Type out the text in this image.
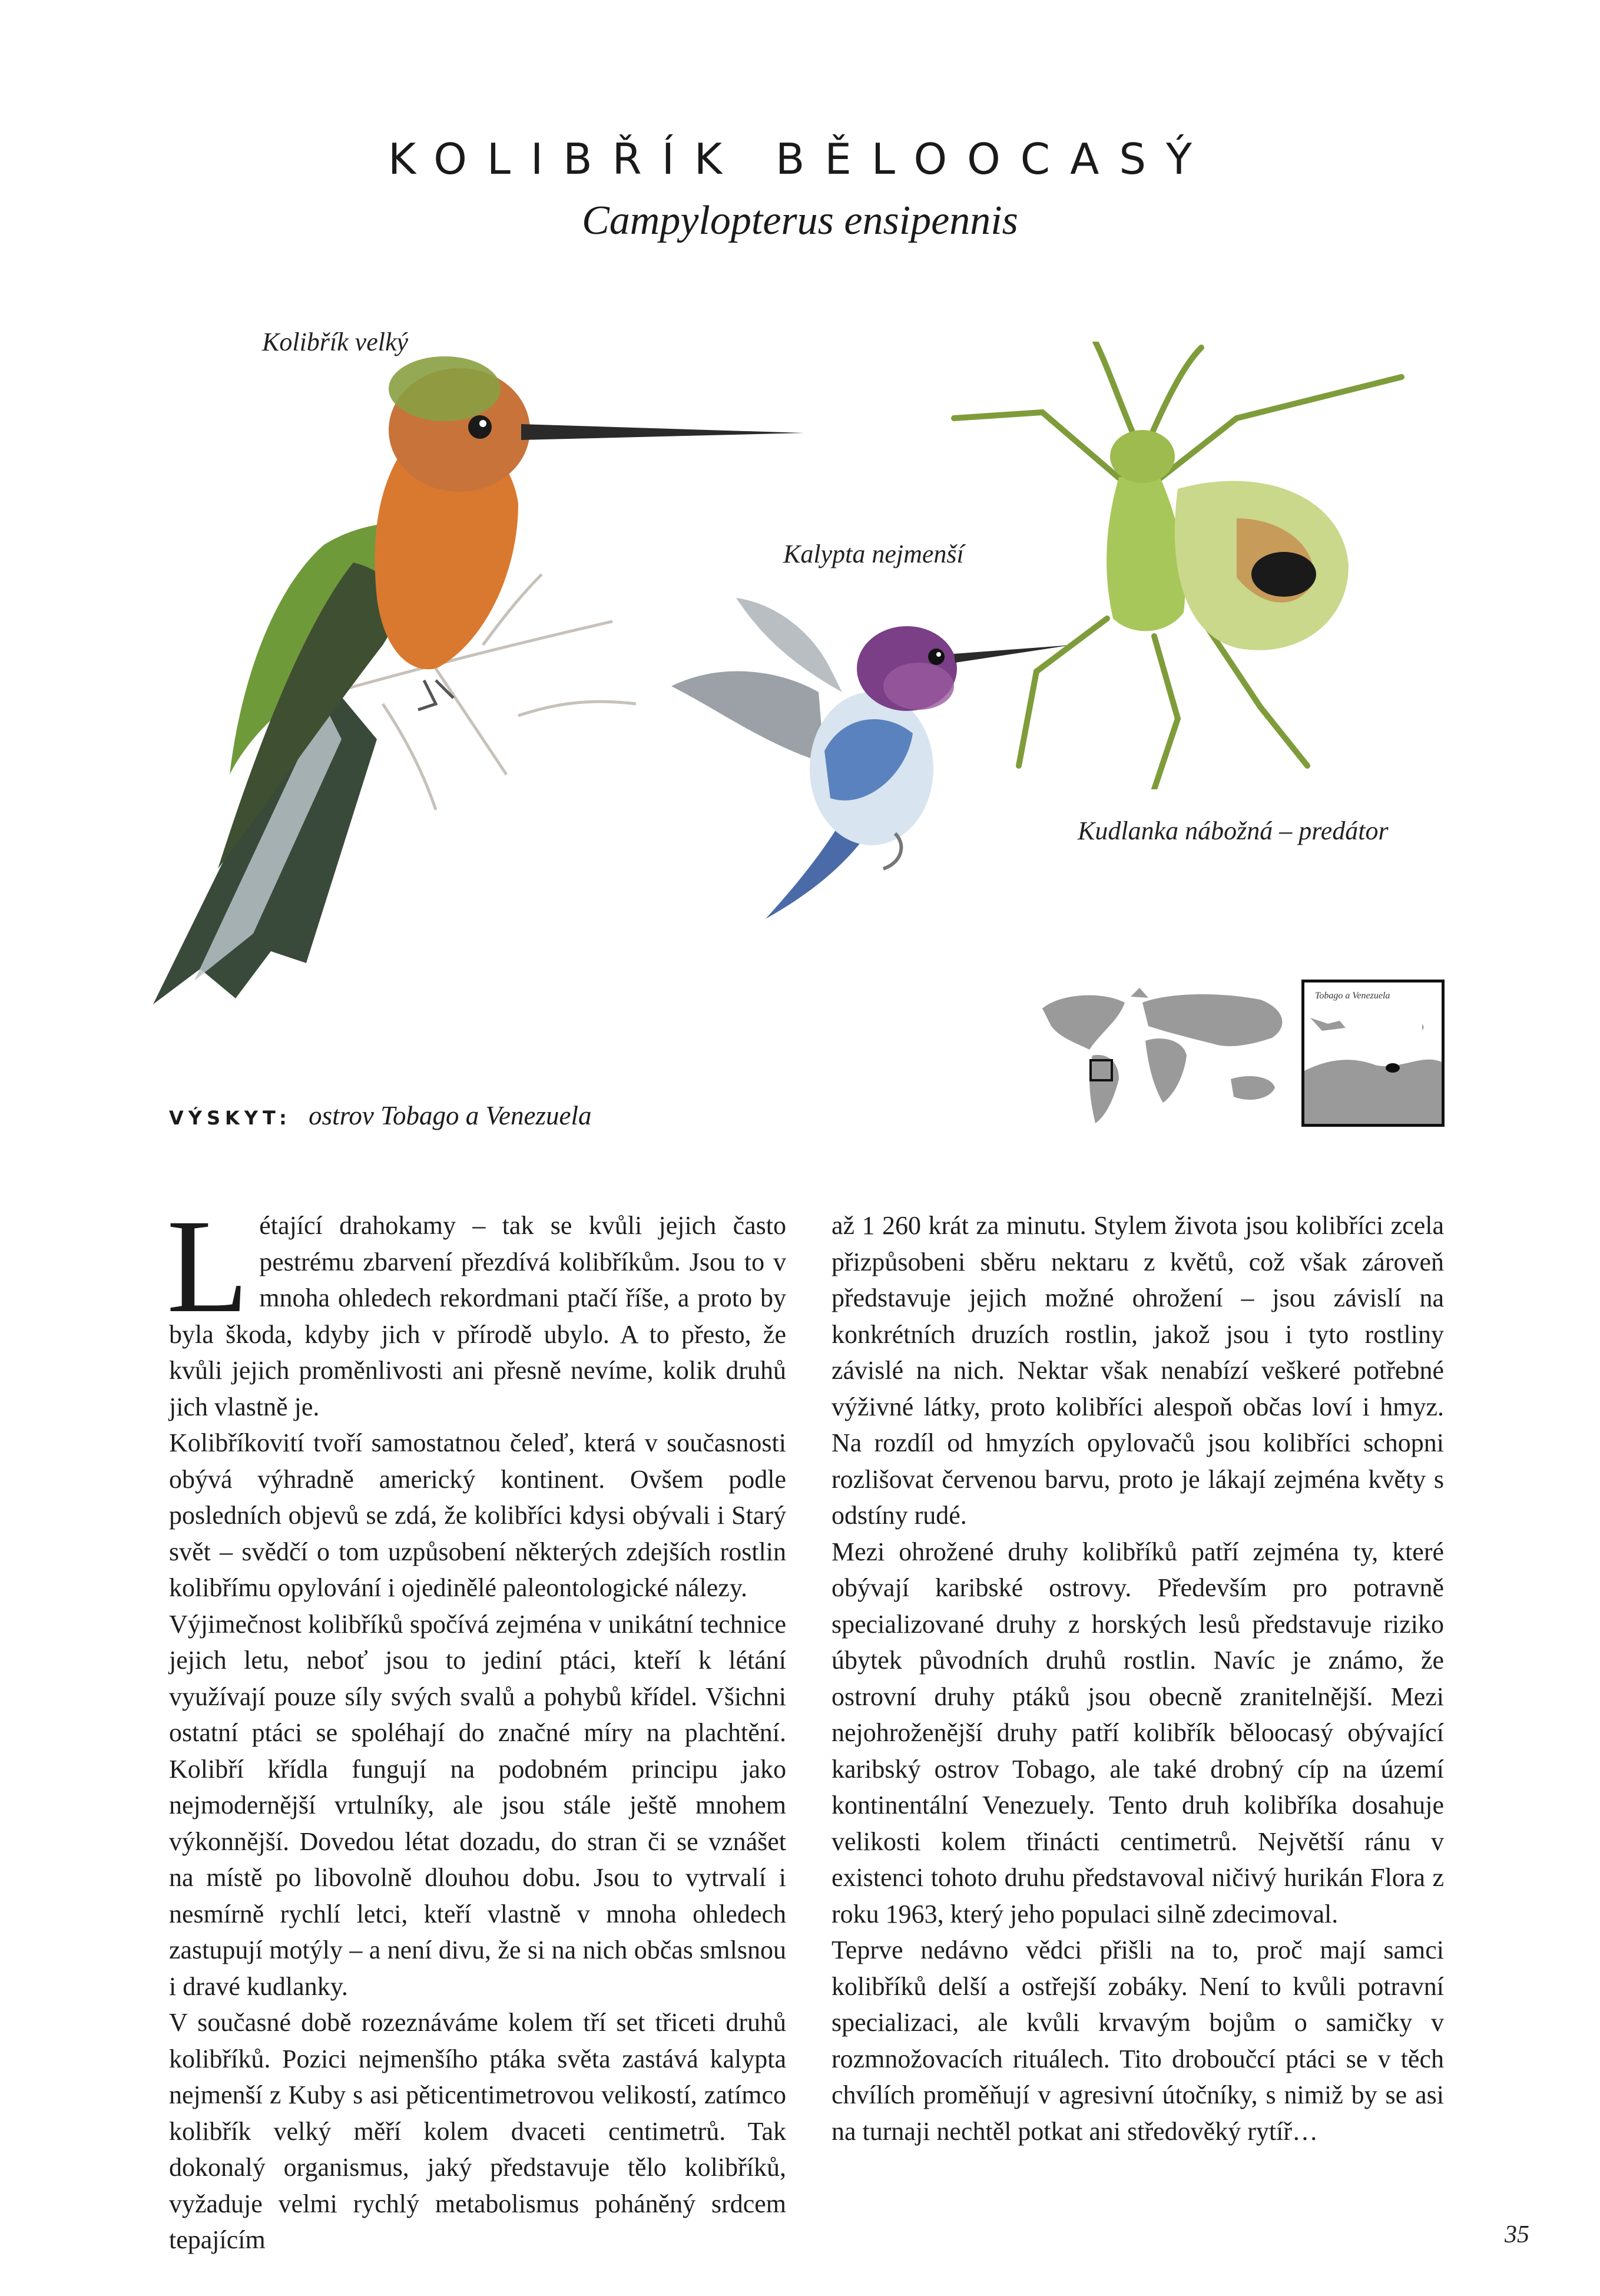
KOLIBŘÍK BĚLOOCASÝ
Campylopterus ensipennis
Kolibřík velký
Kalypta nejmenší
Kudlanka nábožná – predátor
Tobago a Venezuela
VÝSKYT: ostrov Tobago a Venezuela

Létající drahokamy – tak se kvůli jejich často pestrému zbarvení přezdívá kolibříkům. Jsou to v mnoha ohledech rekordmani ptačí říše, a proto by byla škoda, kdyby jich v přírodě ubylo. A to přesto, že kvůli jejich proměnlivosti ani přesně nevíme, kolik druhů jich vlastně je.

Kolibříkovití tvoří samostatnou čeleď, která v současnosti obývá výhradně americký kontinent. Ovšem podle posledních objevů se zdá, že kolibříci kdysi obývali i Starý svět – svědčí o tom uzpůsobení některých zdejších rostlin kolibřímu opylování i ojedinělé paleontologické nálezy.

Výjimečnost kolibříků spočívá zejména v unikátní technice jejich letu, neboť jsou to jediní ptáci, kteří k létání využívají pouze síly svých svalů a pohybů křídel. Všichni ostatní ptáci se spoléhají do značné míry na plachtění. Kolibří křídla fungují na podobném principu jako nejmodernější vrtulníky, ale jsou stále ještě mnohem výkonnější. Dovedou létat dozadu, do stran či se vznášet na místě po libovolně dlouhou dobu. Jsou to vytrvalí i nesmírně rychlí letci, kteří vlastně v mnoha ohledech zastupují motýly – a není divu, že si na nich občas smlsnou i dravé kudlanky.

V současné době rozeznáváme kolem tří set třiceti druhů kolibříků. Pozici nejmenšího ptáka světa zastává kalypta nejmenší z Kuby s asi pěticentimetrovou velikostí, zatímco kolibřík velký měří kolem dvaceti centimetrů. Tak dokonalý organismus, jaký představuje tělo kolibříků, vyžaduje velmi rychlý metabolismus poháněný srdcem tepajícím

až 1 260 krát za minutu. Stylem života jsou kolibříci zcela přizpůsobeni sběru nektaru z květů, což však zároveň představuje jejich možné ohrožení – jsou závislí na konkrétních druzích rostlin, jakož jsou i tyto rostliny závislé na nich. Nektar však nenabízí veškeré potřebné výživné látky, proto kolibříci alespoň občas loví i hmyz. Na rozdíl od hmyzích opylovačů jsou kolibříci schopni rozlišovat červenou barvu, proto je lákají zejména květy s odstíny rudé.

Mezi ohrožené druhy kolibříků patří zejména ty, které obývají karibské ostrovy. Především pro potravně specializované druhy z horských lesů představuje riziko úbytek původních druhů rostlin. Navíc je známo, že ostrovní druhy ptáků jsou obecně zranitelnější. Mezi nejohroženější druhy patří kolibřík běloocasý obývající karibský ostrov Tobago, ale také drobný cíp na území kontinentální Venezuely. Tento druh kolibříka dosahuje velikosti kolem třinácti centimetrů. Největší ránu v existenci tohoto druhu představoval ničivý hurikán Flora z roku 1963, který jeho populaci silně zdecimoval.

Teprve nedávno vědci přišli na to, proč mají samci kolibříků delší a ostřejší zobáky. Není to kvůli potravní specializaci, ale kvůli krvavým bojům o samičky v rozmnožovacích rituálech. Tito droboučcí ptáci se v těch chvílích proměňují v agresivní útočníky, s nimiž by se asi na turnaji nechtěl potkat ani středověký rytíř…

35
